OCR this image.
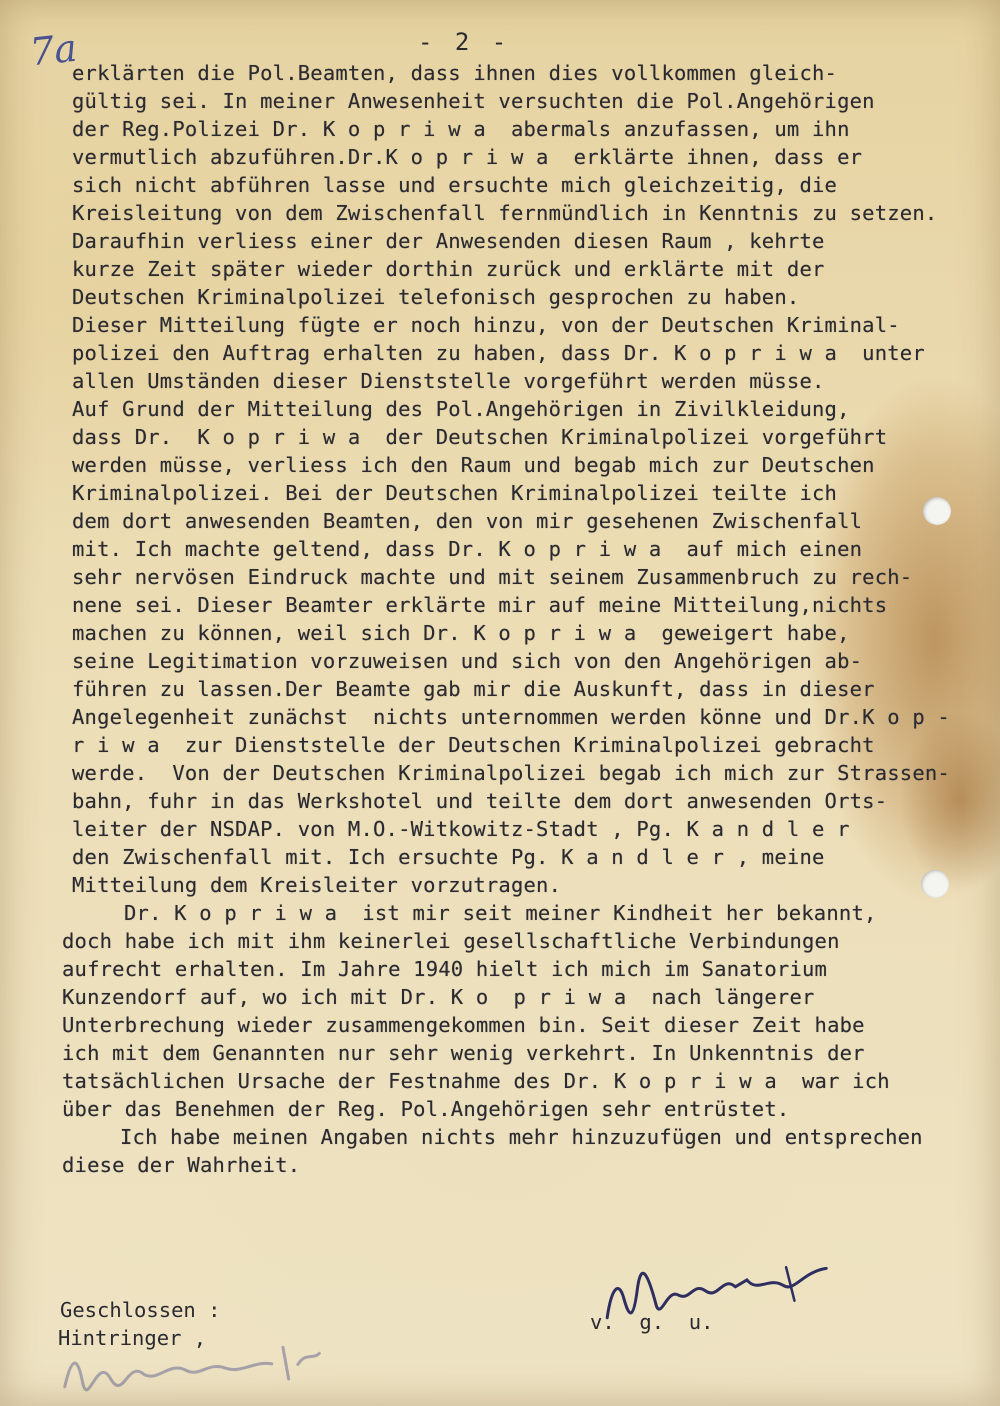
7a	- 2 -
erklärten die Pol.Beamten, dass ihnen dies vollkommen gleich-
gültig sei. In meiner Anwesenheit versuchten die Pol.Angehörigen
der Reg.Polizei Dr. K o p r i w a  abermals anzufassen, um ihn
vermutlich abzuführen.Dr.K o p r i w a  erklärte ihnen, dass er
sich nicht abführen lasse und ersuchte mich gleichzeitig, die
Kreisleitung von dem Zwischenfall fernmündlich in Kenntnis zu setzen.
Daraufhin verliess einer der Anwesenden diesen Raum , kehrte
kurze Zeit später wieder dorthin zurück und erklärte mit der
Deutschen Kriminalpolizei telefonisch gesprochen zu haben.
Dieser Mitteilung fügte er noch hinzu, von der Deutschen Kriminal-
polizei den Auftrag erhalten zu haben, dass Dr. K o p r i w a  unter
allen Umständen dieser Dienststelle vorgeführt werden müsse.
Auf Grund der Mitteilung des Pol.Angehörigen in Zivilkleidung,
dass Dr.  K o p r i w a  der Deutschen Kriminalpolizei vorgeführt
werden müsse, verliess ich den Raum und begab mich zur Deutschen
Kriminalpolizei. Bei der Deutschen Kriminalpolizei teilte ich
dem dort anwesenden Beamten, den von mir gesehenen Zwischenfall
mit. Ich machte geltend, dass Dr. K o p r i w a  auf mich einen
sehr nervösen Eindruck machte und mit seinem Zusammenbruch zu rech-
nene sei. Dieser Beamter erklärte mir auf meine Mitteilung,nichts
machen zu können, weil sich Dr. K o p r i w a  geweigert habe,
seine Legitimation vorzuweisen und sich von den Angehörigen ab-
führen zu lassen.Der Beamte gab mir die Auskunft, dass in dieser
Angelegenheit zunächst  nichts unternommen werden könne und Dr.K o p -
r i w a  zur Dienststelle der Deutschen Kriminalpolizei gebracht
werde.  Von der Deutschen Kriminalpolizei begab ich mich zur Strassen-
bahn, fuhr in das Werkshotel und teilte dem dort anwesenden Orts-
leiter der NSDAP. von M.O.-Witkowitz-Stadt , Pg. K a n d l e r
den Zwischenfall mit. Ich ersuchte Pg. K a n d l e r , meine
Mitteilung dem Kreisleiter vorzutragen.
Dr. K o p r i w a  ist mir seit meiner Kindheit her bekannt,
doch habe ich mit ihm keinerlei gesellschaftliche Verbindungen
aufrecht erhalten. Im Jahre 1940 hielt ich mich im Sanatorium
Kunzendorf auf, wo ich mit Dr. K o  p r i w a  nach längerer
Unterbrechung wieder zusammengekommen bin. Seit dieser Zeit habe
ich mit dem Genannten nur sehr wenig verkehrt. In Unkenntnis der
tatsächlichen Ursache der Festnahme des Dr. K o p r i w a  war ich
über das Benehmen der Reg. Pol.Angehörigen sehr entrüstet.
Ich habe meinen Angaben nichts mehr hinzuzufügen und entsprechen
diese der Wahrheit.
Geschlossen :	v.  g.  u.
Hintringer ,
